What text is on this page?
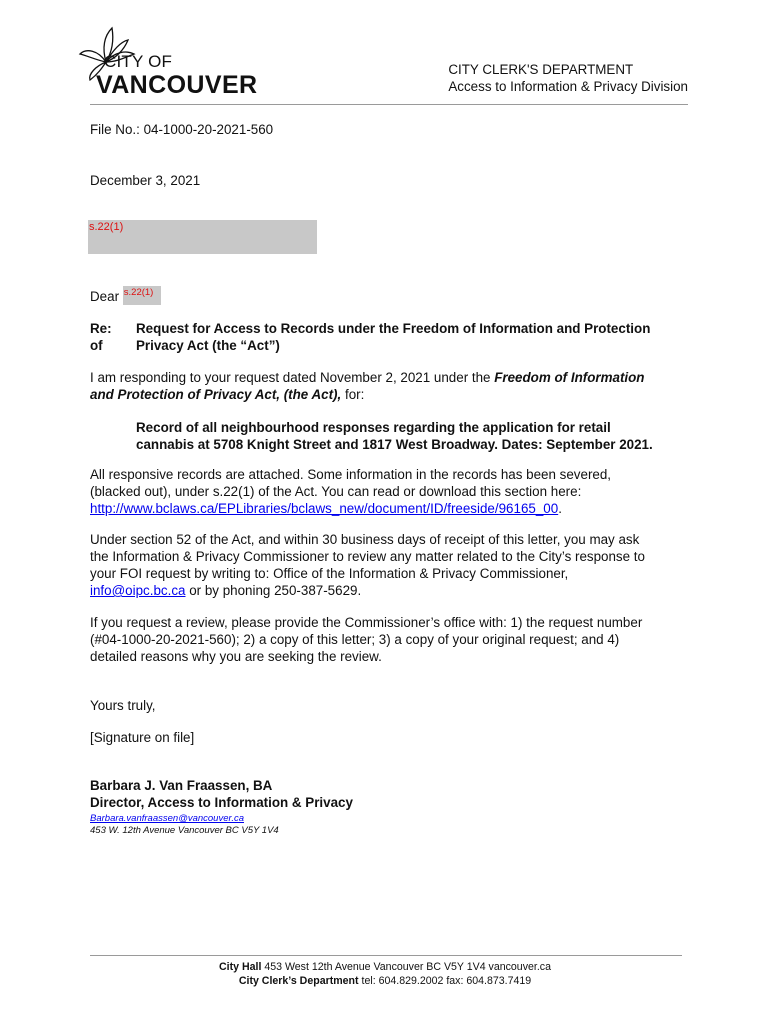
CITY OF
VANCOUVER
CITY CLERK'S DEPARTMENT
Access to Information & Privacy Division
File No.: 04-1000-20-2021-560
December 3, 2021
s.22(1)
Dear s.22(1)
Re:
of
Request for Access to Records under the Freedom of Information and Protection
Privacy Act (the “Act”)
I am responding to your request dated November 2, 2021 under the Freedom of Information
and Protection of Privacy Act, (the Act), for:
Record of all neighbourhood responses regarding the application for retail
cannabis at 5708 Knight Street and 1817 West Broadway. Dates: September 2021.
All responsive records are attached. Some information in the records has been severed,
(blacked out), under s.22(1) of the Act. You can read or download this section here:
http://www.bclaws.ca/EPLibraries/bclaws_new/document/ID/freeside/96165_00.
Under section 52 of the Act, and within 30 business days of receipt of this letter, you may ask
the Information & Privacy Commissioner to review any matter related to the City’s response to
your FOI request by writing to: Office of the Information & Privacy Commissioner,
info@oipc.bc.ca or by phoning 250-387-5629.
If you request a review, please provide the Commissioner’s office with: 1) the request number
(#04-1000-20-2021-560); 2) a copy of this letter; 3) a copy of your original request; and 4)
detailed reasons why you are seeking the review.
Yours truly,
[Signature on file]
Barbara J. Van Fraassen, BA
Director, Access to Information & Privacy
Barbara.vanfraassen@vancouver.ca
453 W. 12th Avenue Vancouver BC V5Y 1V4
City Hall 453 West 12th Avenue Vancouver BC V5Y 1V4 vancouver.ca
City Clerk’s Department tel: 604.829.2002 fax: 604.873.7419
